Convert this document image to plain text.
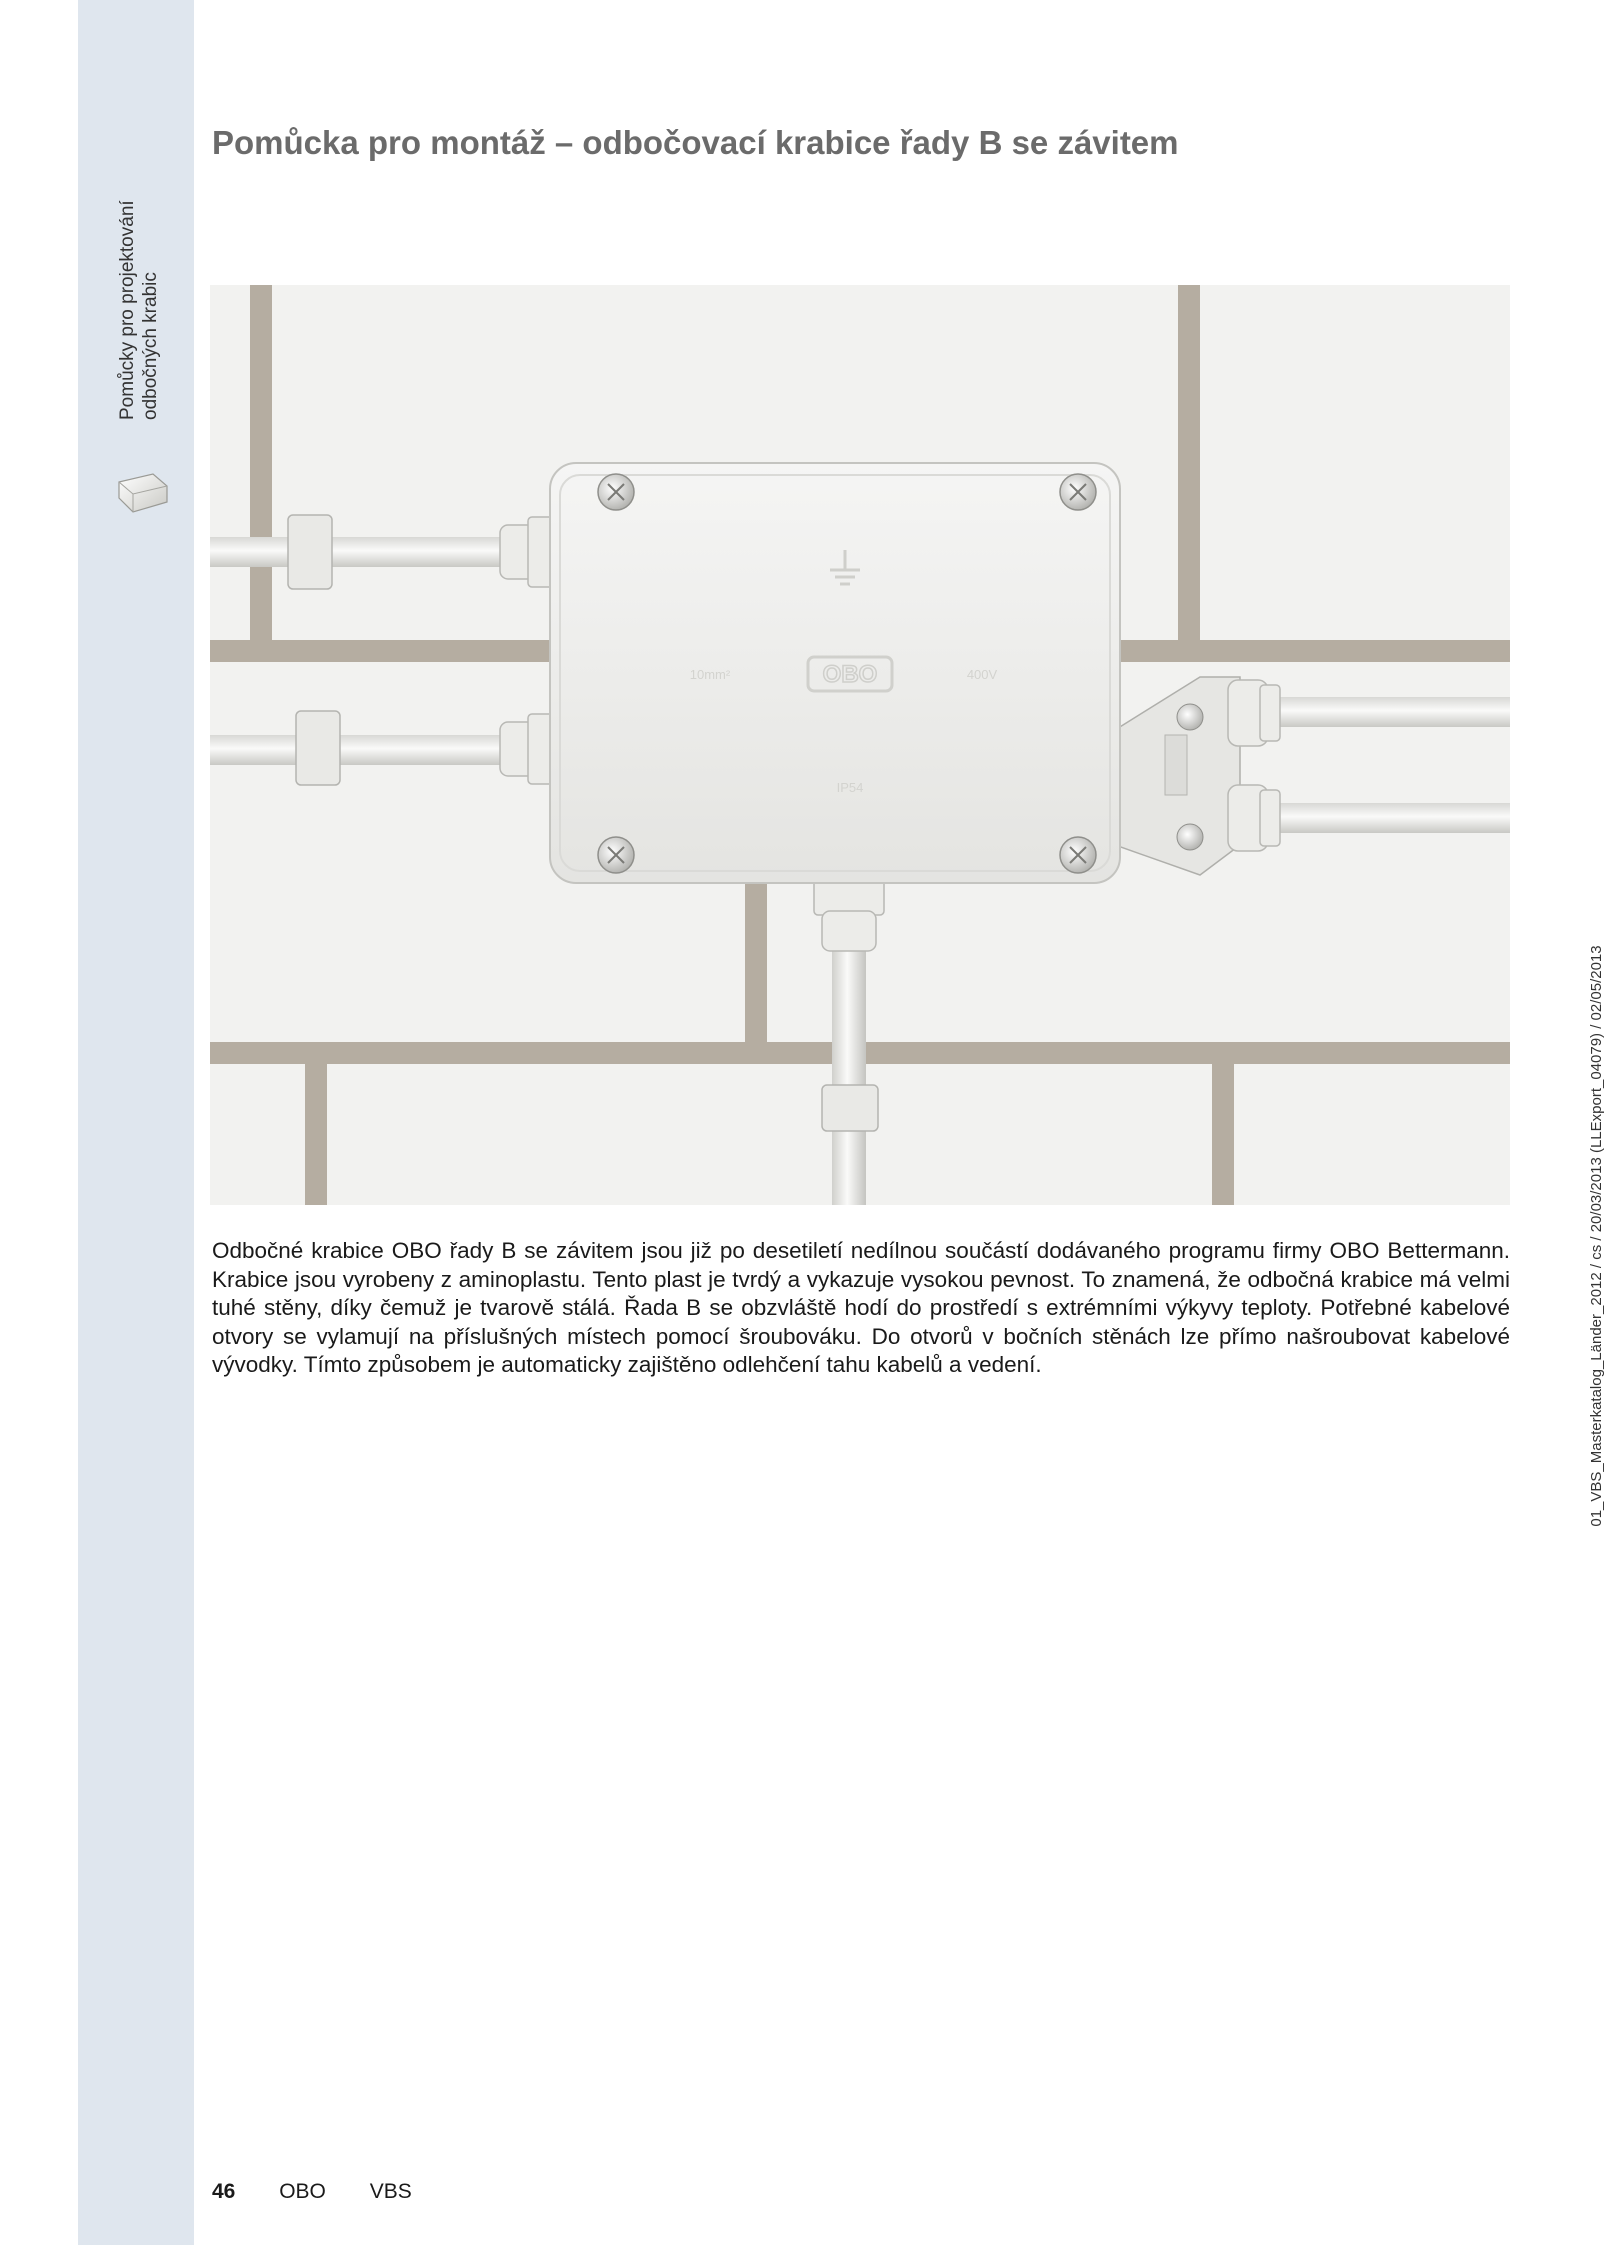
Pomůcky pro projektování odbočných krabic
Pomůcka pro montáž – odbočovací krabice řady B se závitem
OBO
10mm²	400V
IP54

Odbočné krabice OBO řady B se závitem jsou již po desetiletí nedílnou součástí dodávaného programu firmy OBO Bettermann. Krabice jsou vyrobeny z aminoplastu. Tento plast je tvrdý a vykazuje vysokou pevnost. To znamená, že odbočná krabice má velmi tuhé stěny, díky čemuž je tvarově stálá. Řada B se obzvláště hodí do prostředí s extrémními výkyvy teploty. Potřebné kabelové otvory se vylamují na příslušných místech pomocí šroubováku. Do otvorů v bočních stěnách lze přímo našroubovat kabelové vývodky. Tímto způsobem je automaticky zajištěno odlehčení tahu kabelů a vedení.	01_VBS_Masterkatalog_Länder_2012 / cs / 20/03/2013 (LLExport_04079) / 02/05/2013
46 OBO VBS
